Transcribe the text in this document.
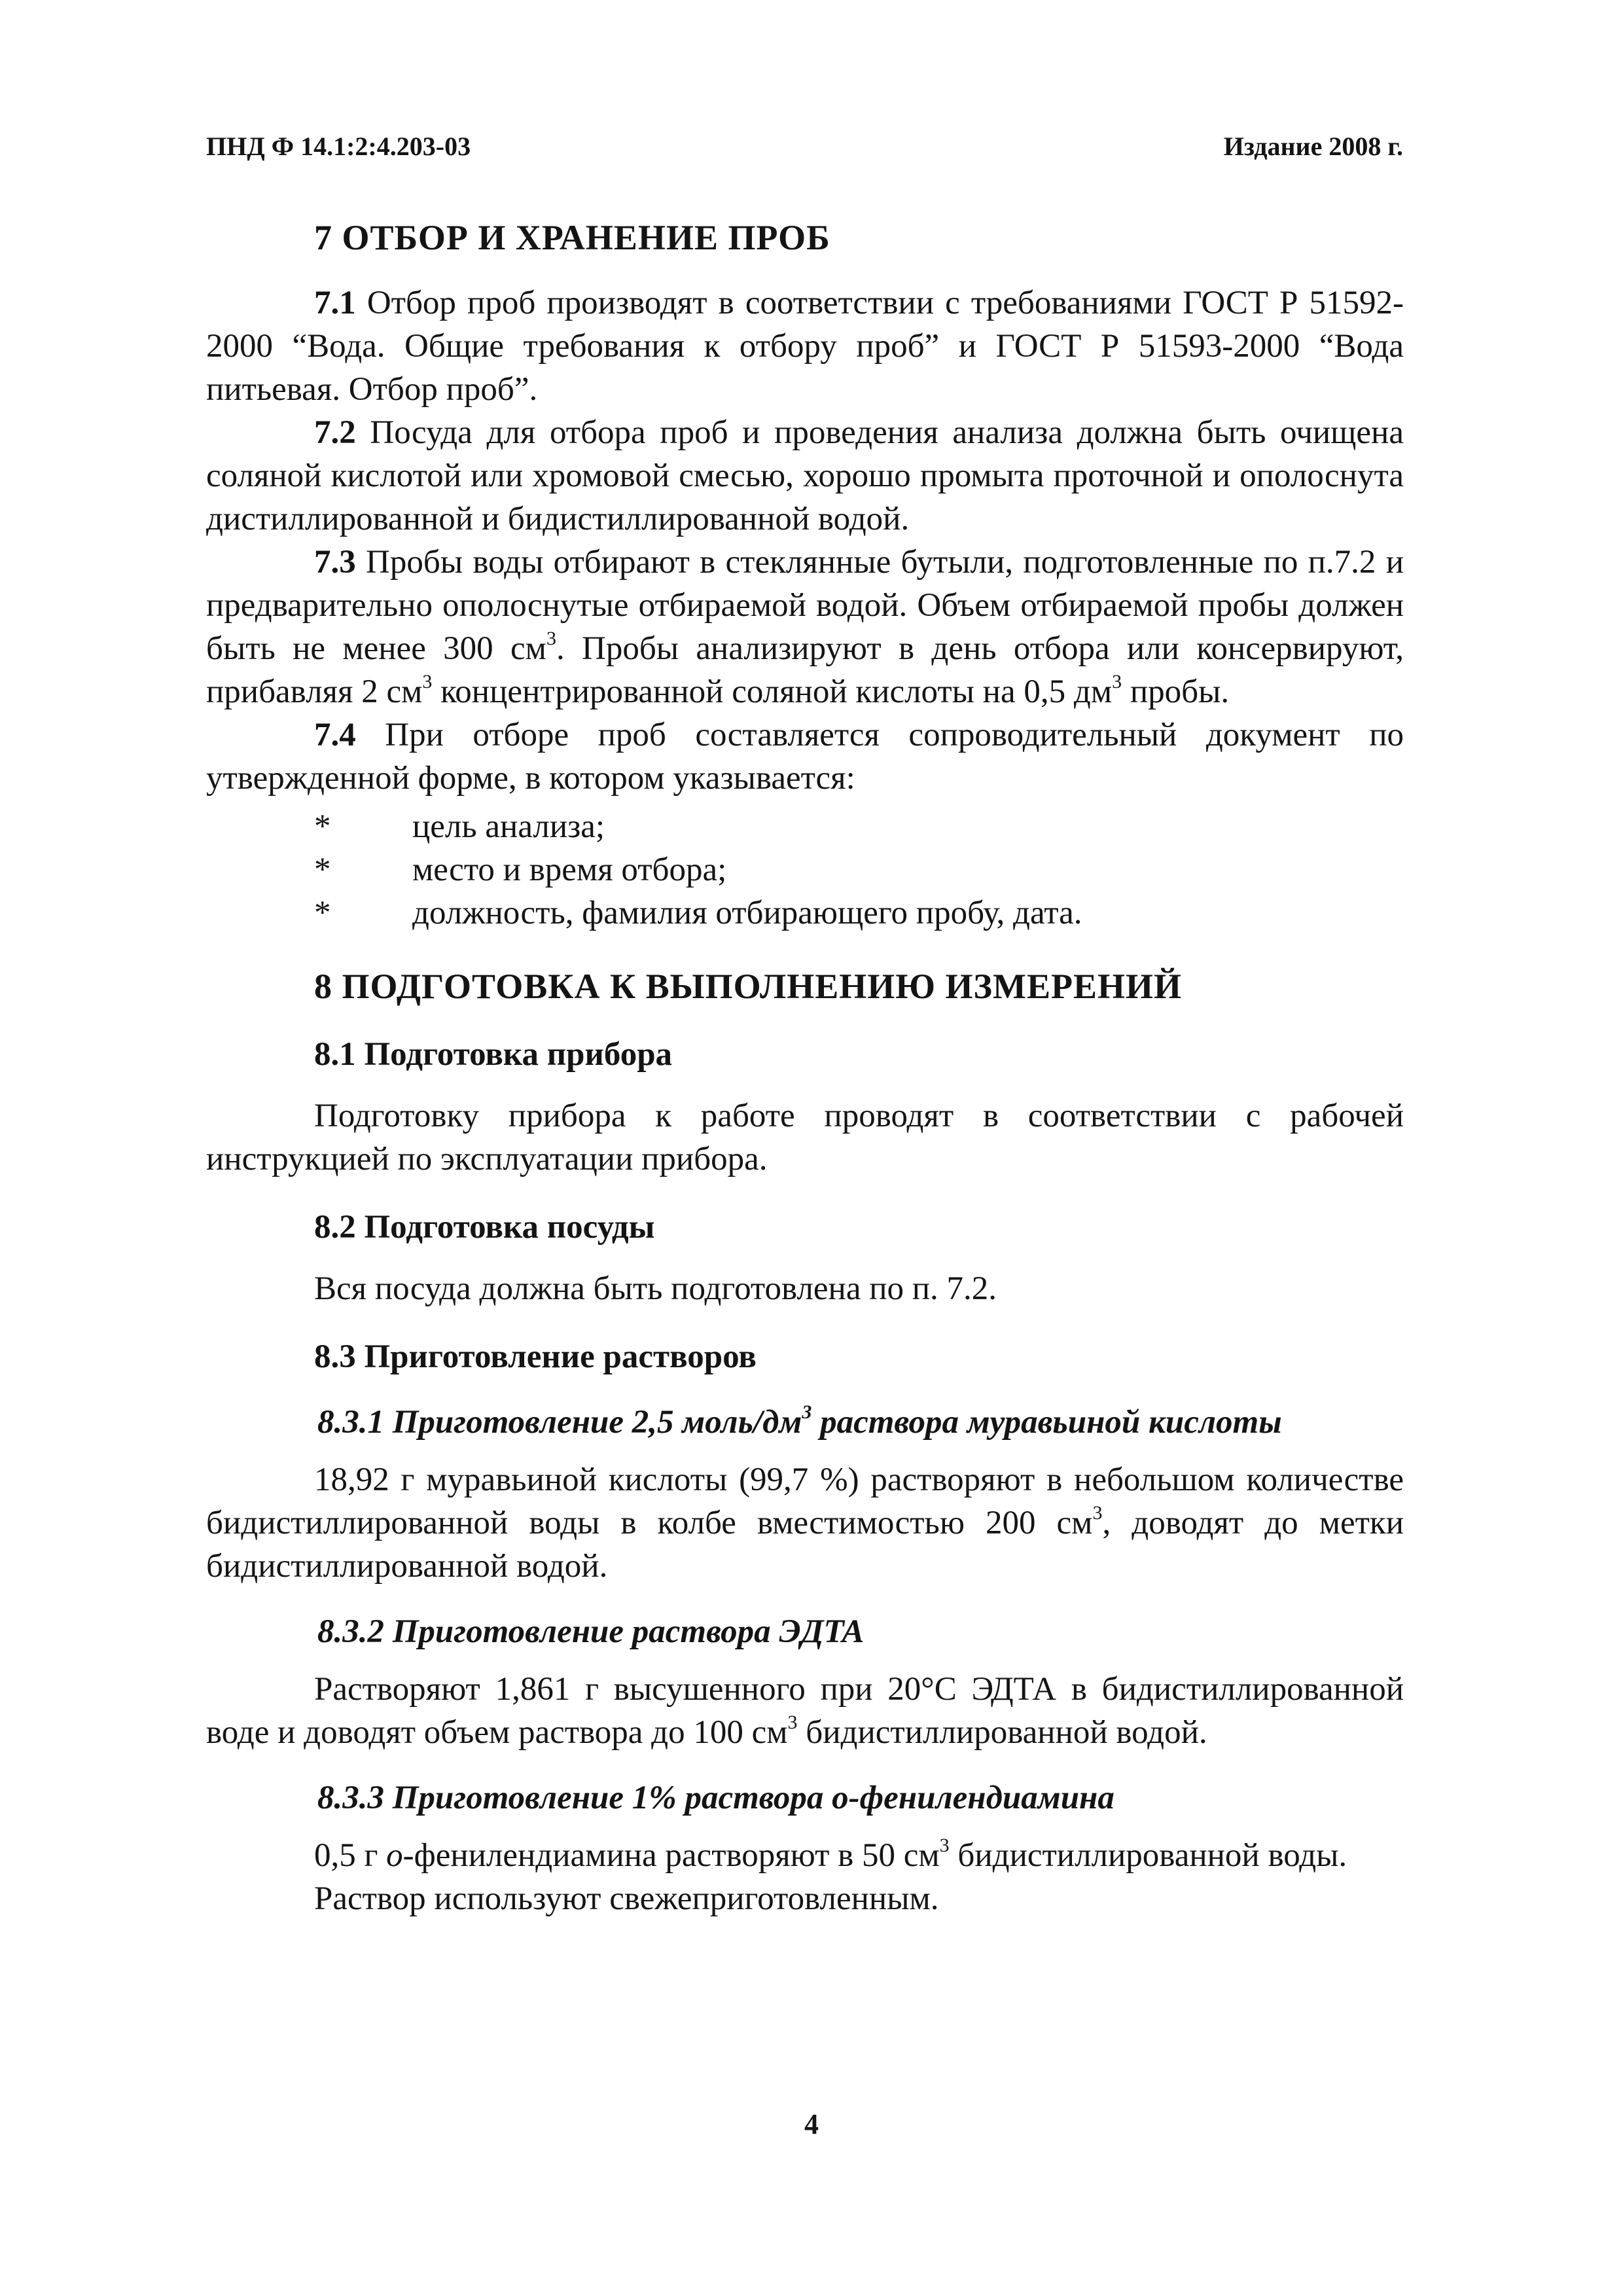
ПНД Ф 14.1:2:4.203-03	Издание 2008 г.
7 ОТБОР И ХРАНЕНИЕ ПРОБ

7.1 Отбор проб производят в соответствии с требованиями ГОСТ Р 51592-2000 “Вода. Общие требования к отбору проб” и ГОСТ Р 51593-2000 “Вода питьевая. Отбор проб”.

7.2 Посуда для отбора проб и проведения анализа должна быть очищена соляной кислотой или хромовой смесью, хорошо промыта проточной и ополоснута дистиллированной и бидистиллированной водой.

7.3 Пробы воды отбирают в стеклянные бутыли, подготовленные по п.7.2 и предварительно ополоснутые отбираемой водой. Объем отбираемой пробы должен быть не менее 300 $см^3$. Пробы анализируют в день отбора или консервируют, прибавляя 2 $см^3$ концентрированной соляной кислоты на 0,5 $дм^3$ пробы.

7.4 При отборе проб составляется сопроводительный документ по утвержденной форме, в котором указывается:

* цель анализа;
* место и время отбора;
* должность, фамилия отбирающего пробу, дата.
8 ПОДГОТОВКА К ВЫПОЛНЕНИЮ ИЗМЕРЕНИЙ
8.1 Подготовка прибора

Подготовку прибора к работе проводят в соответствии с рабочей инструкцией по эксплуатации прибора.

8.2 Подготовка посуды

Вся посуда должна быть подготовлена по п. 7.2.

8.3 Приготовление растворов
8.3.1 Приготовление 2,5 моль/$дм^3$ раствора муравьиной кислоты

18,92 г муравьиной кислоты (99,7 %) растворяют в небольшом количестве бидистиллированной воды в колбе вместимостью 200 $см^3$, доводят до метки бидистиллированной водой.

8.3.2 Приготовление раствора ЭДТА

Растворяют 1,861 г высушенного при 20°С ЭДТА в бидистиллированной воде и доводят объем раствора до 100 $см^3$ бидистиллированной водой.

8.3.3 Приготовление 1% раствора о-фенилендиамина

0,5 г о-фенилендиамина растворяют в 50 $см^3$ бидистиллированной воды.

Раствор используют свежеприготовленным.

4
